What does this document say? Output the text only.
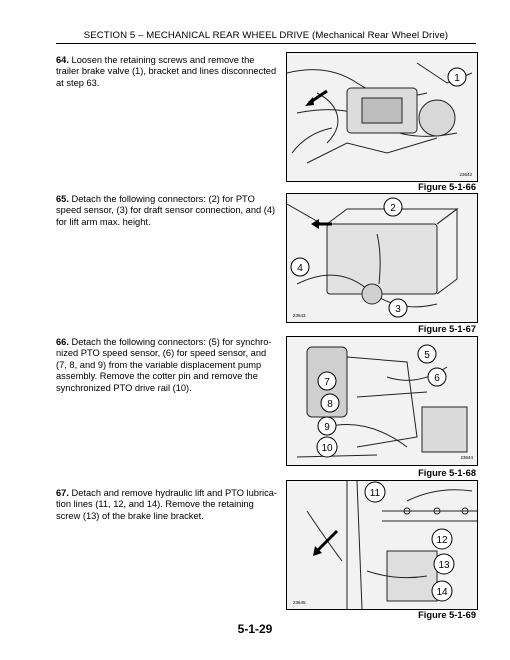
SECTION 5 – MECHANICAL REAR WHEEL DRIVE (Mechanical Rear Wheel Drive)
64. Loosen the retaining screws and remove the trailer brake valve (1), bracket and lines disconnected at step 63.
65. Detach the following connectors: (2) for PTO speed sensor, (3) for draft sensor connection, and (4) for lift arm max. height.
66. Detach the following connectors: (5) for synchro-nized PTO speed sensor, (6) for speed sensor, and (7, 8, and 9) from the variable displacement pump assembly. Remove the cotter pin and remove the synchronized PTO drive rail (10).
67. Detach and remove hydraulic lift and PTO lubrica-tion lines (11, 12, and 14). Remove the retaining screw (13) of the brake line bracket.
1
23642
Figure 5-1-66
2
3
4
23643
Figure 5-1-67
5
6
7
8
9
10
23644
Figure 5-1-68
11
12
13
14
23645
Figure 5-1-69
5-1-29
